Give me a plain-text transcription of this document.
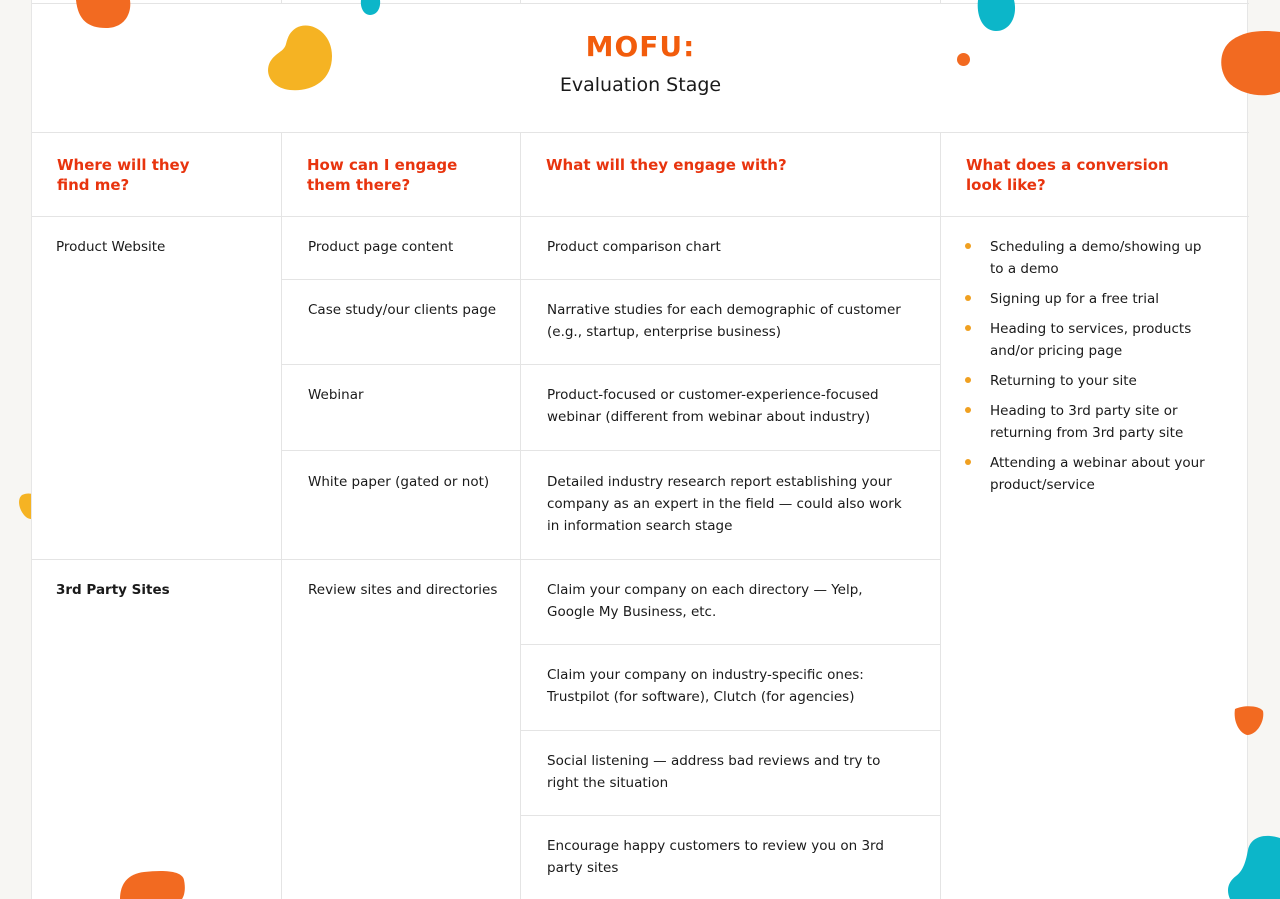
MOFU:
Evaluation Stage
Where will they find me?
How can I engage them there?
What will they engage with?	What does a conversion look like?
Product Website
3rd Party Sites
Product page content
Case study/our clients page
Webinar
White paper (gated or not)
Review sites and directories
Product comparison chart
Narrative studies for each demographic of customer (e.g., startup, enterprise business)
Product-focused or customer-experience-focused webinar (different from webinar about industry)
Detailed industry research report establishing your company as an expert in the field — could also work in information search stage
Claim your company on each directory — Yelp, Google My Business, etc.
Claim your company on industry-specific ones: Trustpilot (for software), Clutch (for agencies)
Social listening — address bad reviews and try to right the situation
Encourage happy customers to review you on 3rd party sites
Scheduling a demo/showing up to a demo
Signing up for a free trial
Heading to services, products and/or pricing page
Returning to your site
Heading to 3rd party site or returning from 3rd party site
Attending a webinar about your product/service
